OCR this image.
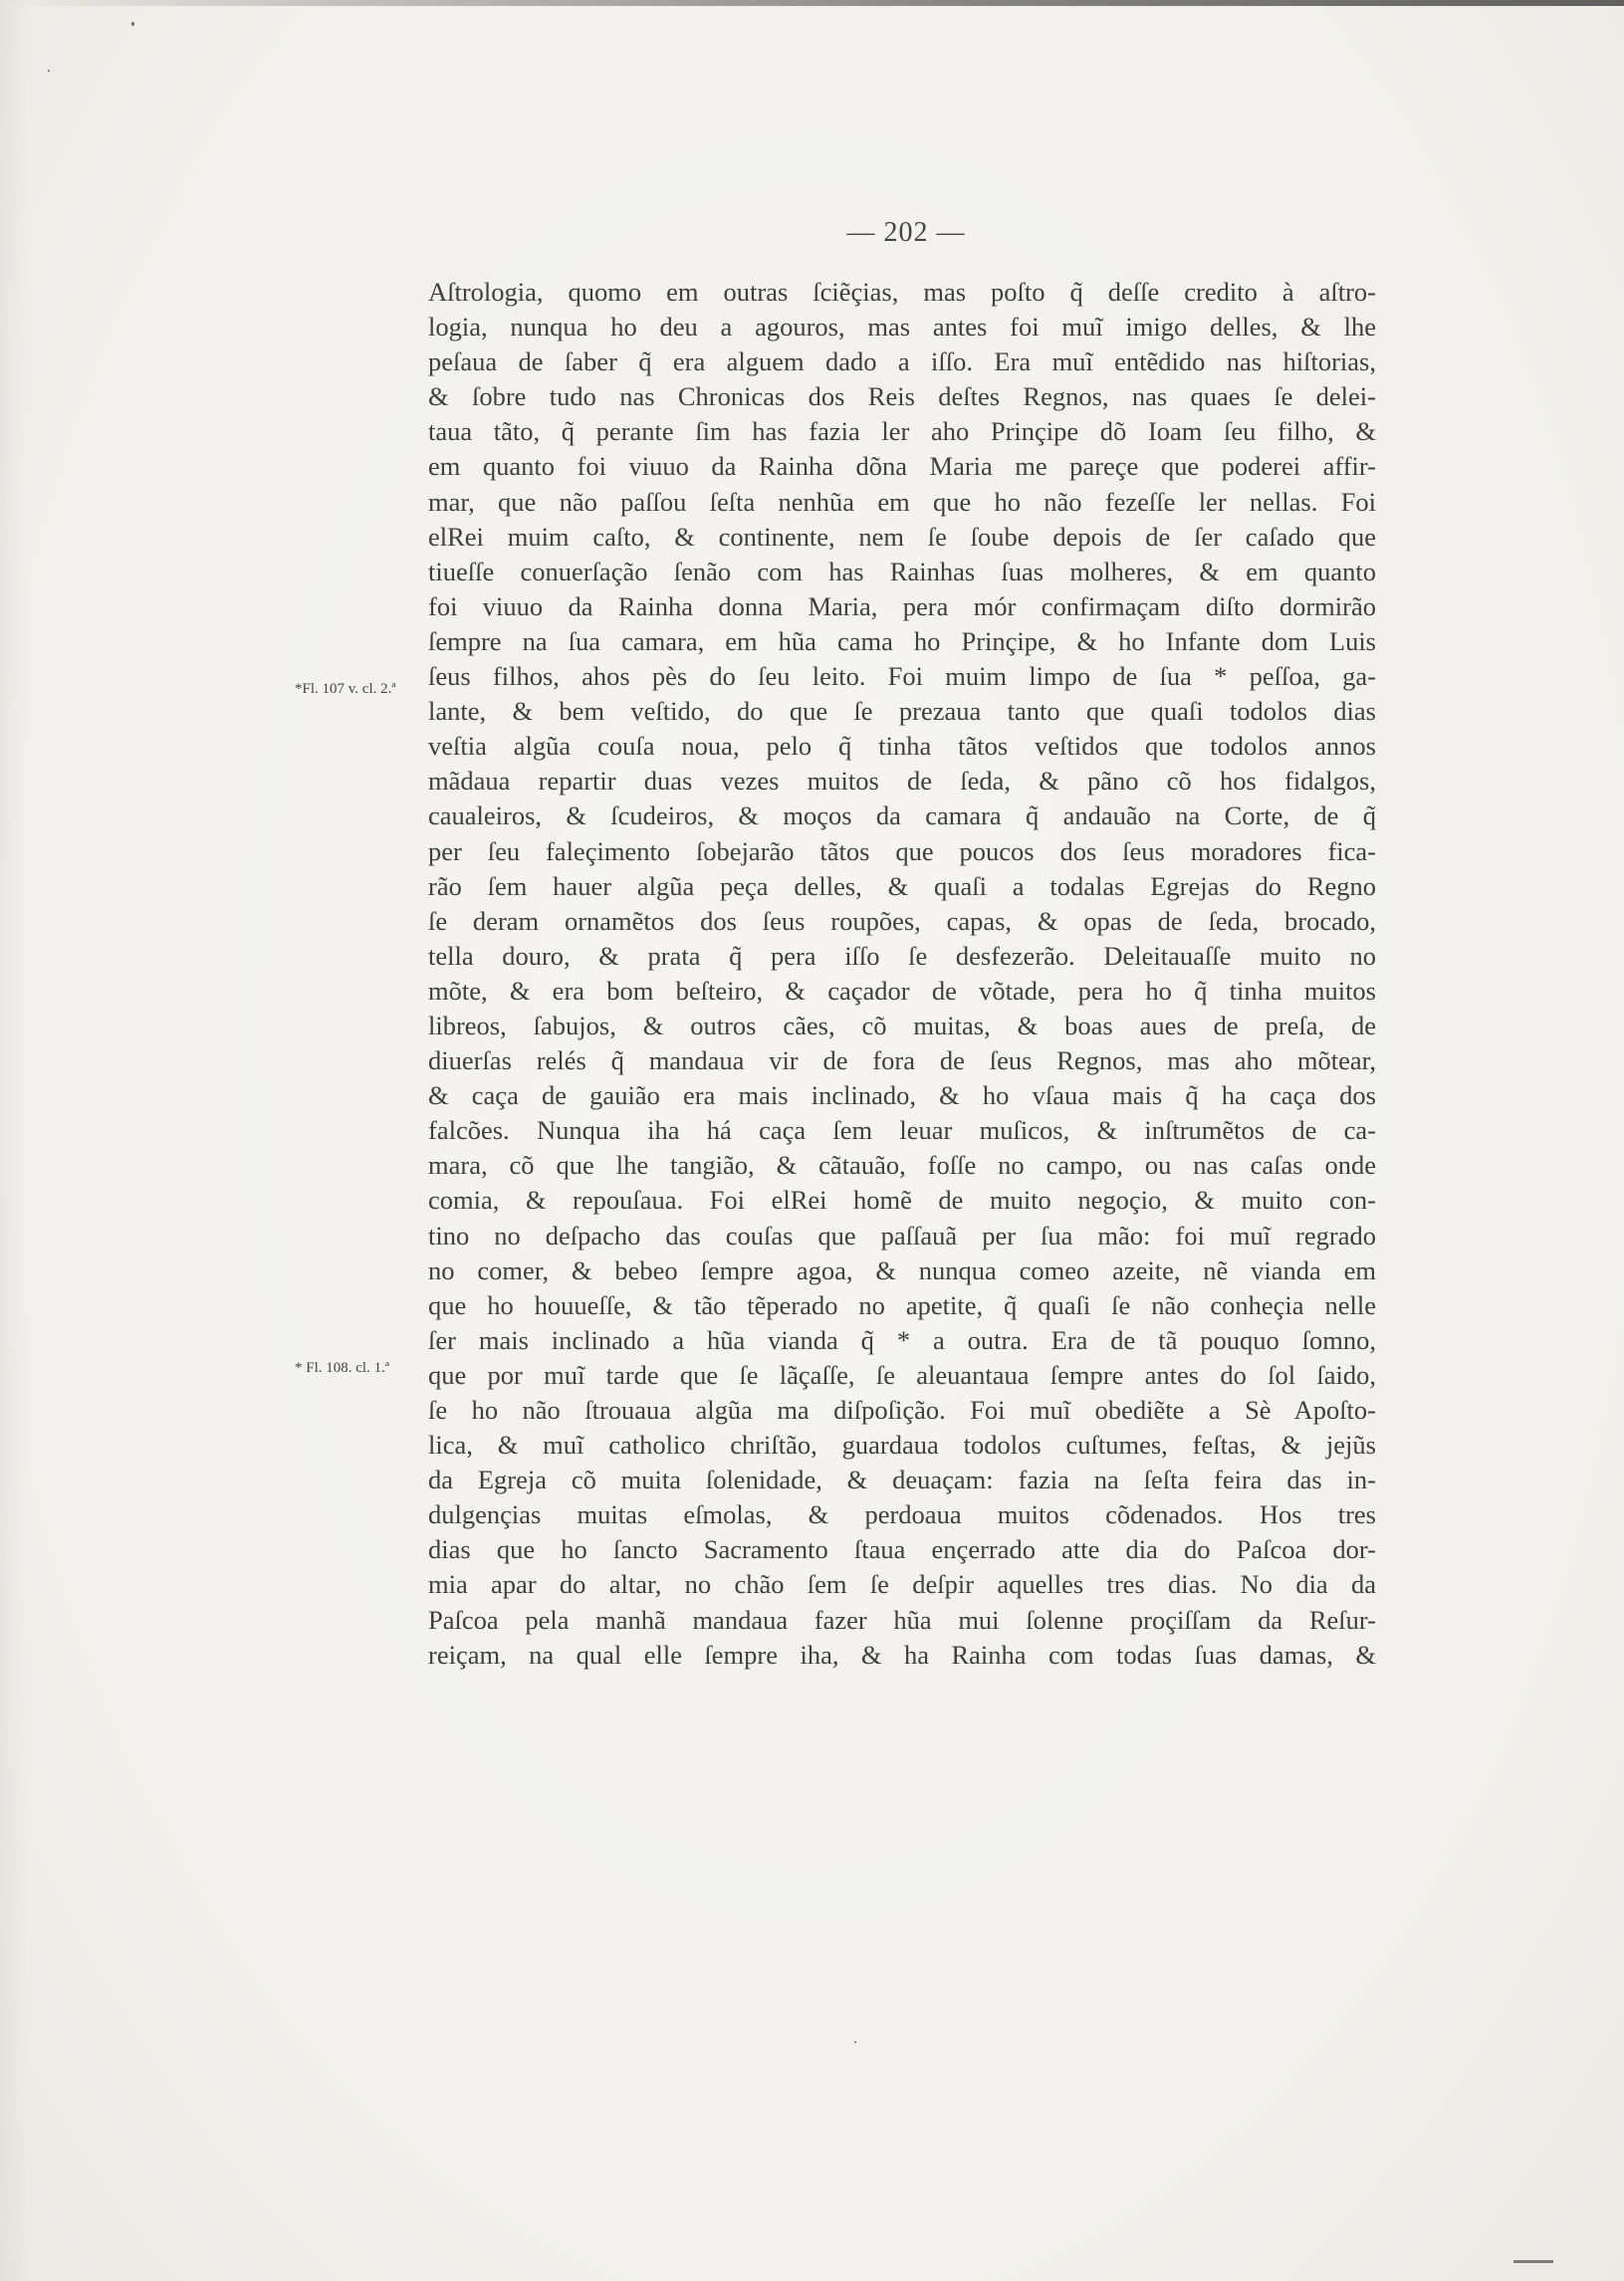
— 202 —
*Fl. 107 v. cl. 2.ª
* Fl. 108. cl. 1.ª
Aſtrologia, quomo em outras ſciẽçias, mas poſto q̃ deſſe credito à aſtro-
logia, nunqua ho deu a agouros, mas antes foi muĩ imigo delles, & lhe
peſaua de ſaber q̃ era alguem dado a iſſo. Era muĩ entẽdido nas hiſtorias,
& ſobre tudo nas Chronicas dos Reis deſtes Regnos, nas quaes ſe delei-
taua tãto, q̃ perante ſim has fazia ler aho Prinçipe dõ Ioam ſeu filho, &
em quanto foi viuuo da Rainha dõna Maria me pareçe que poderei affir-
mar, que não paſſou ſeſta nenhũa em que ho não fezeſſe ler nellas. Foi
elRei muim caſto, & continente, nem ſe ſoube depois de ſer caſado que
tiueſſe conuerſação ſenão com has Rainhas ſuas molheres, & em quanto
foi viuuo da Rainha donna Maria, pera mór confirmaçam diſto dormirão
ſempre na ſua camara, em hũa cama ho Prinçipe, & ho Infante dom Luis
ſeus filhos, ahos pès do ſeu leito. Foi muim limpo de ſua * peſſoa, ga-
lante, & bem veſtido, do que ſe prezaua tanto que quaſi todolos dias
veſtia algũa couſa noua, pelo q̃ tinha tãtos veſtidos que todolos annos
mãdaua repartir duas vezes muitos de ſeda, & pãno cõ hos fidalgos,
caualeiros, & ſcudeiros, & moços da camara q̃ andauão na Corte, de q̃
per ſeu faleçimento ſobejarão tãtos que poucos dos ſeus moradores fica-
rão ſem hauer algũa peça delles, & quaſi a todalas Egrejas do Regno
ſe deram ornamẽtos dos ſeus roupões, capas, & opas de ſeda, brocado,
tella douro, & prata q̃ pera iſſo ſe desfezerão. Deleitauaſſe muito no
mõte, & era bom beſteiro, & caçador de võtade, pera ho q̃ tinha muitos
libreos, ſabujos, & outros cães, cõ muitas, & boas aues de preſa, de
diuerſas relés q̃ mandaua vir de fora de ſeus Regnos, mas aho mõtear,
& caça de gauião era mais inclinado, & ho vſaua mais q̃ ha caça dos
falcões. Nunqua iha há caça ſem leuar muſicos, & inſtrumẽtos de ca-
mara, cõ que lhe tangião, & cãtauão, foſſe no campo, ou nas caſas onde
comia, & repouſaua. Foi elRei homẽ de muito negoçio, & muito con-
tino no deſpacho das couſas que paſſauã per ſua mão: foi muĩ regrado
no comer, & bebeo ſempre agoa, & nunqua comeo azeite, nẽ vianda em
que ho houueſſe, & tão tẽperado no apetite, q̃ quaſi ſe não conheçia nelle
ſer mais inclinado a hũa vianda q̃ * a outra. Era de tã pouquo ſomno,
que por muĩ tarde que ſe lãçaſſe, ſe aleuantaua ſempre antes do ſol ſaido,
ſe ho não ſtrouaua algũa ma diſpoſição. Foi muĩ obediẽte a Sè Apoſto-
lica, & muĩ catholico chriſtão, guardaua todolos cuſtumes, feſtas, & jejũs
da Egreja cõ muita ſolenidade, & deuaçam: fazia na ſeſta feira das in-
dulgençias muitas eſmolas, & perdoaua muitos cõdenados. Hos tres
dias que ho ſancto Sacramento ſtaua ençerrado atte dia do Paſcoa dor-
mia apar do altar, no chão ſem ſe deſpir aquelles tres dias. No dia da
Paſcoa pela manhã mandaua fazer hũa mui ſolenne proçiſſam da Reſur-
reiçam, na qual elle ſempre iha, & ha Rainha com todas ſuas damas, &
